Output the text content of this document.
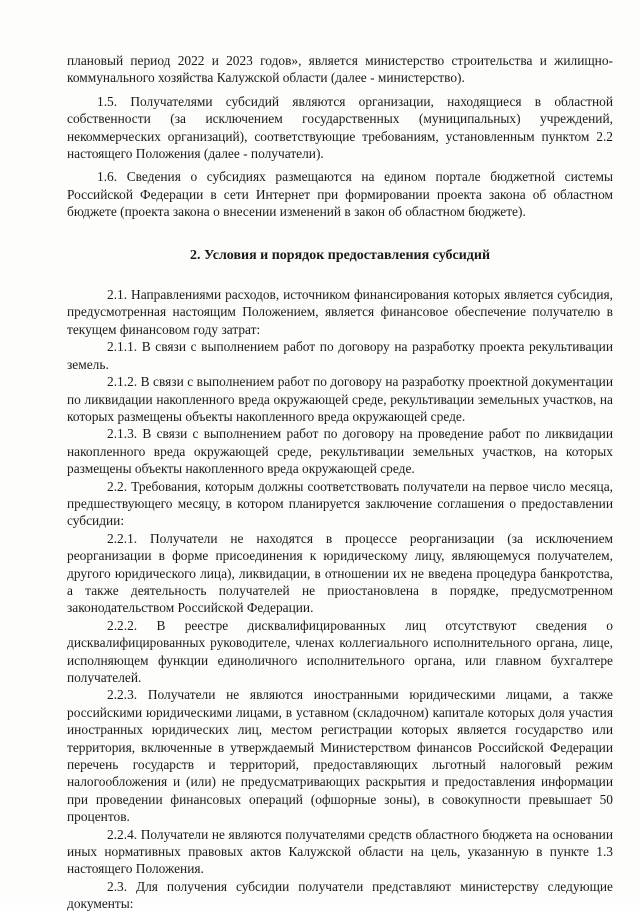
плановый период 2022 и 2023 годов», является министерство строительства и жилищно-коммунального хозяйства Калужской области (далее - министерство).

1.5. Получателями субсидий являются организации, находящиеся в областной собственности (за исключением государственных (муниципальных) учреждений, некоммерческих организаций), соответствующие требованиям, установленным пунктом 2.2 настоящего Положения (далее - получатели).

1.6. Сведения о субсидиях размещаются на едином портале бюджетной системы Российской Федерации в сети Интернет при формировании проекта закона об областном бюджете (проекта закона о внесении изменений в закон об областном бюджете).

2. Условия и порядок предоставления субсидий

2.1. Направлениями расходов, источником финансирования которых является субсидия, предусмотренная настоящим Положением, является финансовое обеспечение получателю в текущем финансовом году затрат:

2.1.1. В связи с выполнением работ по договору на разработку проекта рекультивации земель.

2.1.2. В связи с выполнением работ по договору на разработку проектной документации по ликвидации накопленного вреда окружающей среде, рекультивации земельных участков, на которых размещены объекты накопленного вреда окружающей среде.

2.1.3. В связи с выполнением работ по договору на проведение работ по ликвидации накопленного вреда окружающей среде, рекультивации земельных участков, на которых размещены объекты накопленного вреда окружающей среде.

2.2. Требования, которым должны соответствовать получатели на первое число месяца, предшествующего месяцу, в котором планируется заключение соглашения о предоставлении субсидии:

2.2.1. Получатели не находятся в процессе реорганизации (за исключением реорганизации в форме присоединения к юридическому лицу, являющемуся получателем, другого юридического лица), ликвидации, в отношении их не введена процедура банкротства, а также деятельность получателей не приостановлена в порядке, предусмотренном законодательством Российской Федерации.

2.2.2. В реестре дисквалифицированных лиц отсутствуют сведения о дисквалифицированных руководителе, членах коллегиального исполнительного органа, лице, исполняющем функции единоличного исполнительного органа, или главном бухгалтере получателей.

2.2.3. Получатели не являются иностранными юридическими лицами, а также российскими юридическими лицами, в уставном (складочном) капитале которых доля участия иностранных юридических лиц, местом регистрации которых является государство или территория, включенные в утверждаемый Министерством финансов Российской Федерации перечень государств и территорий, предоставляющих льготный налоговый режим налогообложения и (или) не предусматривающих раскрытия и предоставления информации при проведении финансовых операций (офшорные зоны), в совокупности превышает 50 процентов.

2.2.4. Получатели не являются получателями средств областного бюджета на основании иных нормативных правовых актов Калужской области на цель, указанную в пункте 1.3 настоящего Положения.

2.3. Для получения субсидии получатели представляют министерству следующие документы:
